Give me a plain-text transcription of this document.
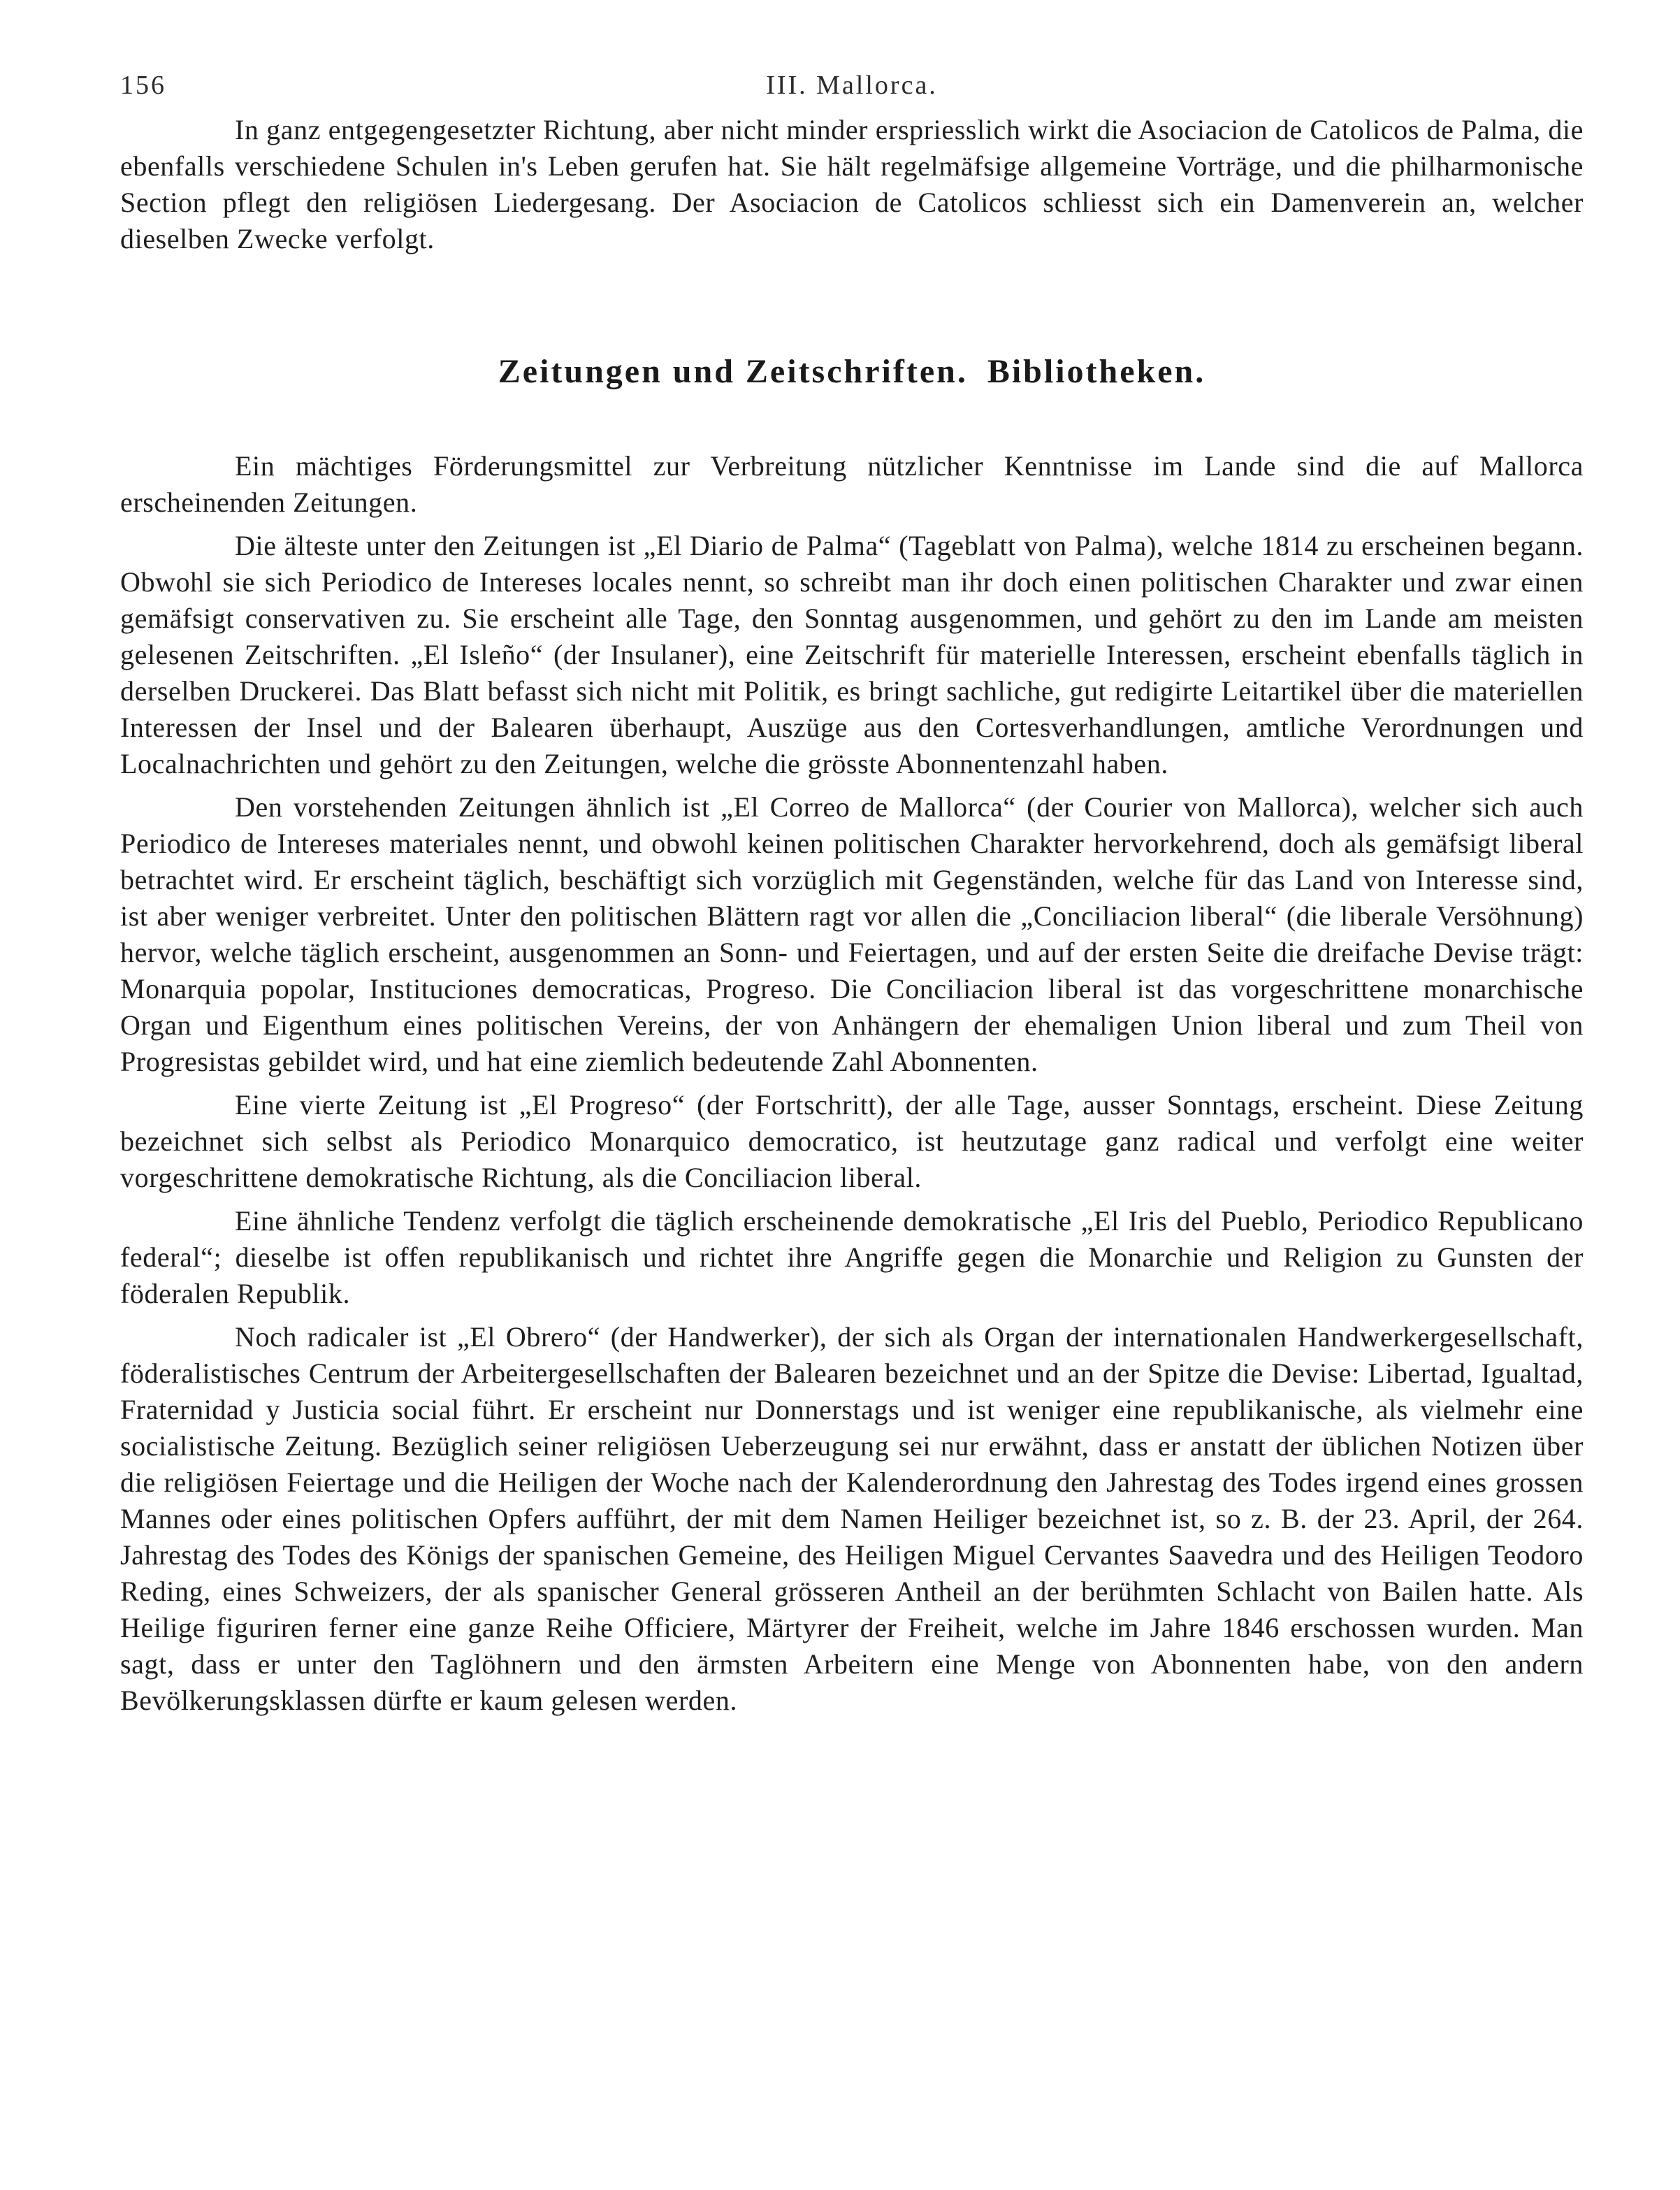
156	III. Mallorca.

In ganz entgegengesetzter Richtung, aber nicht minder erspriesslich wirkt die Asociacion de Catolicos de Palma, die ebenfalls verschiedene Schulen in's Leben gerufen hat. Sie hält regelmäfsige allgemeine Vorträge, und die philharmonische Section pflegt den religiösen Liedergesang. Der Asociacion de Catolicos schliesst sich ein Damenverein an, welcher dieselben Zwecke verfolgt.

Zeitungen und Zeitschriften. Bibliotheken.

Ein mächtiges Förderungsmittel zur Verbreitung nützlicher Kenntnisse im Lande sind die auf Mallorca erscheinenden Zeitungen.

Die älteste unter den Zeitungen ist „El Diario de Palma“ (Tageblatt von Palma), welche 1814 zu erscheinen begann. Obwohl sie sich Periodico de Intereses locales nennt, so schreibt man ihr doch einen politischen Charakter und zwar einen gemäfsigt conservativen zu. Sie erscheint alle Tage, den Sonntag ausgenommen, und gehört zu den im Lande am meisten gelesenen Zeitschriften. „El Isleño“ (der Insulaner), eine Zeitschrift für materielle Interessen, erscheint ebenfalls täglich in derselben Druckerei. Das Blatt befasst sich nicht mit Politik, es bringt sachliche, gut redigirte Leitartikel über die materiellen Interessen der Insel und der Balearen überhaupt, Auszüge aus den Cortesverhandlungen, amtliche Verordnungen und Localnachrichten und gehört zu den Zeitungen, welche die grösste Abonnentenzahl haben.

Den vorstehenden Zeitungen ähnlich ist „El Correo de Mallorca“ (der Courier von Mallorca), welcher sich auch Periodico de Intereses materiales nennt, und obwohl keinen politischen Charakter hervorkehrend, doch als gemäfsigt liberal betrachtet wird. Er erscheint täglich, beschäftigt sich vorzüglich mit Gegenständen, welche für das Land von Interesse sind, ist aber weniger verbreitet. Unter den politischen Blättern ragt vor allen die „Conciliacion liberal“ (die liberale Versöhnung) hervor, welche täglich erscheint, ausgenommen an Sonn- und Feiertagen, und auf der ersten Seite die dreifache Devise trägt: Monarquia popolar, Instituciones democraticas, Progreso. Die Conciliacion liberal ist das vorgeschrittene monarchische Organ und Eigenthum eines politischen Vereins, der von Anhängern der ehemaligen Union liberal und zum Theil von Progresistas gebildet wird, und hat eine ziemlich bedeutende Zahl Abonnenten.

Eine vierte Zeitung ist „El Progreso“ (der Fortschritt), der alle Tage, ausser Sonntags, erscheint. Diese Zeitung bezeichnet sich selbst als Periodico Monarquico democratico, ist heutzutage ganz radical und verfolgt eine weiter vorgeschrittene demokratische Richtung, als die Conciliacion liberal.

Eine ähnliche Tendenz verfolgt die täglich erscheinende demokratische „El Iris del Pueblo, Periodico Republicano federal“; dieselbe ist offen republikanisch und richtet ihre Angriffe gegen die Monarchie und Religion zu Gunsten der föderalen Republik.

Noch radicaler ist „El Obrero“ (der Handwerker), der sich als Organ der internationalen Handwerkergesellschaft, föderalistisches Centrum der Arbeitergesellschaften der Balearen bezeichnet und an der Spitze die Devise: Libertad, Igualtad, Fraternidad y Justicia social führt. Er erscheint nur Donnerstags und ist weniger eine republikanische, als vielmehr eine socialistische Zeitung. Bezüglich seiner religiösen Ueberzeugung sei nur erwähnt, dass er anstatt der üblichen Notizen über die religiösen Feiertage und die Heiligen der Woche nach der Kalenderordnung den Jahrestag des Todes irgend eines grossen Mannes oder eines politischen Opfers aufführt, der mit dem Namen Heiliger bezeichnet ist, so z. B. der 23. April, der 264. Jahrestag des Todes des Königs der spanischen Gemeine, des Heiligen Miguel Cervantes Saavedra und des Heiligen Teodoro Reding, eines Schweizers, der als spanischer General grösseren Antheil an der berühmten Schlacht von Bailen hatte. Als Heilige figuriren ferner eine ganze Reihe Officiere, Märtyrer der Freiheit, welche im Jahre 1846 erschossen wurden. Man sagt, dass er unter den Taglöhnern und den ärmsten Arbeitern eine Menge von Abonnenten habe, von den andern Bevölkerungsklassen dürfte er kaum gelesen werden.
